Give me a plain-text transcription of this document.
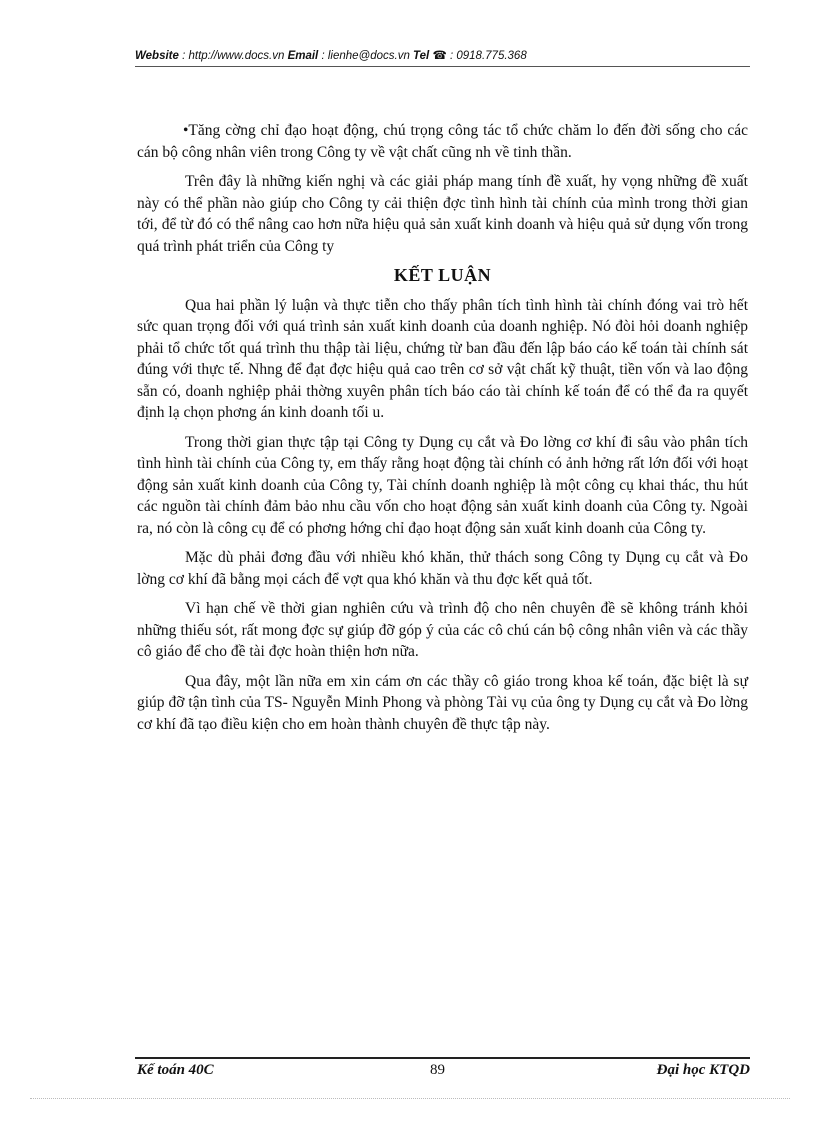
Website : http://www.docs.vn Email : lienhe@docs.vn Tel ☎ : 0918.775.368

•Tăng cờng chỉ đạo hoạt động, chú trọng công tác tổ chức chăm lo đến đời sống cho các cán bộ công nhân viên trong Công ty về vật chất cũng nh về tinh thần.

Trên đây là những kiến nghị và các giải pháp mang tính đề xuất, hy vọng những đề xuất này có thể phần nào giúp cho Công ty cải thiện đợc tình hình tài chính của mình trong thời gian tới, để từ đó có thể nâng cao hơn nữa hiệu quả sản xuất kinh doanh và hiệu quả sử dụng vốn trong quá trình phát triển của Công ty

KẾT LUẬN

Qua hai phần lý luận và thực tiễn cho thấy phân tích tình hình tài chính đóng vai trò hết sức quan trọng đối với quá trình sản xuất kinh doanh của doanh nghiệp. Nó đòi hỏi doanh nghiệp phải tổ chức tốt quá trình thu thập tài liệu, chứng từ ban đầu đến lập báo cáo kế toán tài chính sát đúng với thực tế. Nhng để đạt đợc hiệu quả cao trên cơ sở vật chất kỹ thuật, tiền vốn và lao động sẵn có, doanh nghiệp phải thờng xuyên phân tích báo cáo tài chính kế toán để có thể đa ra quyết định lạ chọn phơng án kinh doanh tối u.

Trong thời gian thực tập tại Công ty Dụng cụ cắt và Đo lờng cơ khí đi sâu vào phân tích tình hình tài chính của Công ty, em thấy rằng hoạt động tài chính có ảnh hởng rất lớn đối với hoạt động sản xuất kinh doanh của Công ty, Tài chính doanh nghiệp là một công cụ khai thác, thu hút các nguồn tài chính đảm bảo nhu cầu vốn cho hoạt động sản xuất kinh doanh của Công ty. Ngoài ra, nó còn là công cụ để có phơng hớng chỉ đạo hoạt động sản xuất kinh doanh của Công ty.

Mặc dù phải đơng đầu với nhiều khó khăn, thử thách song Công ty Dụng cụ cắt và Đo lờng cơ khí đã bằng mọi cách để vợt qua khó khăn và thu đợc kết quả tốt.

Vì hạn chế về thời gian nghiên cứu và trình độ cho nên chuyên đề sẽ không tránh khỏi những thiếu sót, rất mong đợc sự giúp đỡ góp ý của các cô chú cán bộ công nhân viên và các thầy cô giáo để cho đề tài đợc hoàn thiện hơn nữa.

Qua đây, một lần nữa em xin cám ơn các thầy cô giáo trong khoa kế toán, đặc biệt là sự giúp đỡ tận tình của TS- Nguyễn Minh Phong và phòng Tài vụ của ông ty Dụng cụ cắt và Đo lờng cơ khí đã tạo điều kiện cho em hoàn thành chuyên đề thực tập này.

Kế toán 40C	89	Đại học KTQD
